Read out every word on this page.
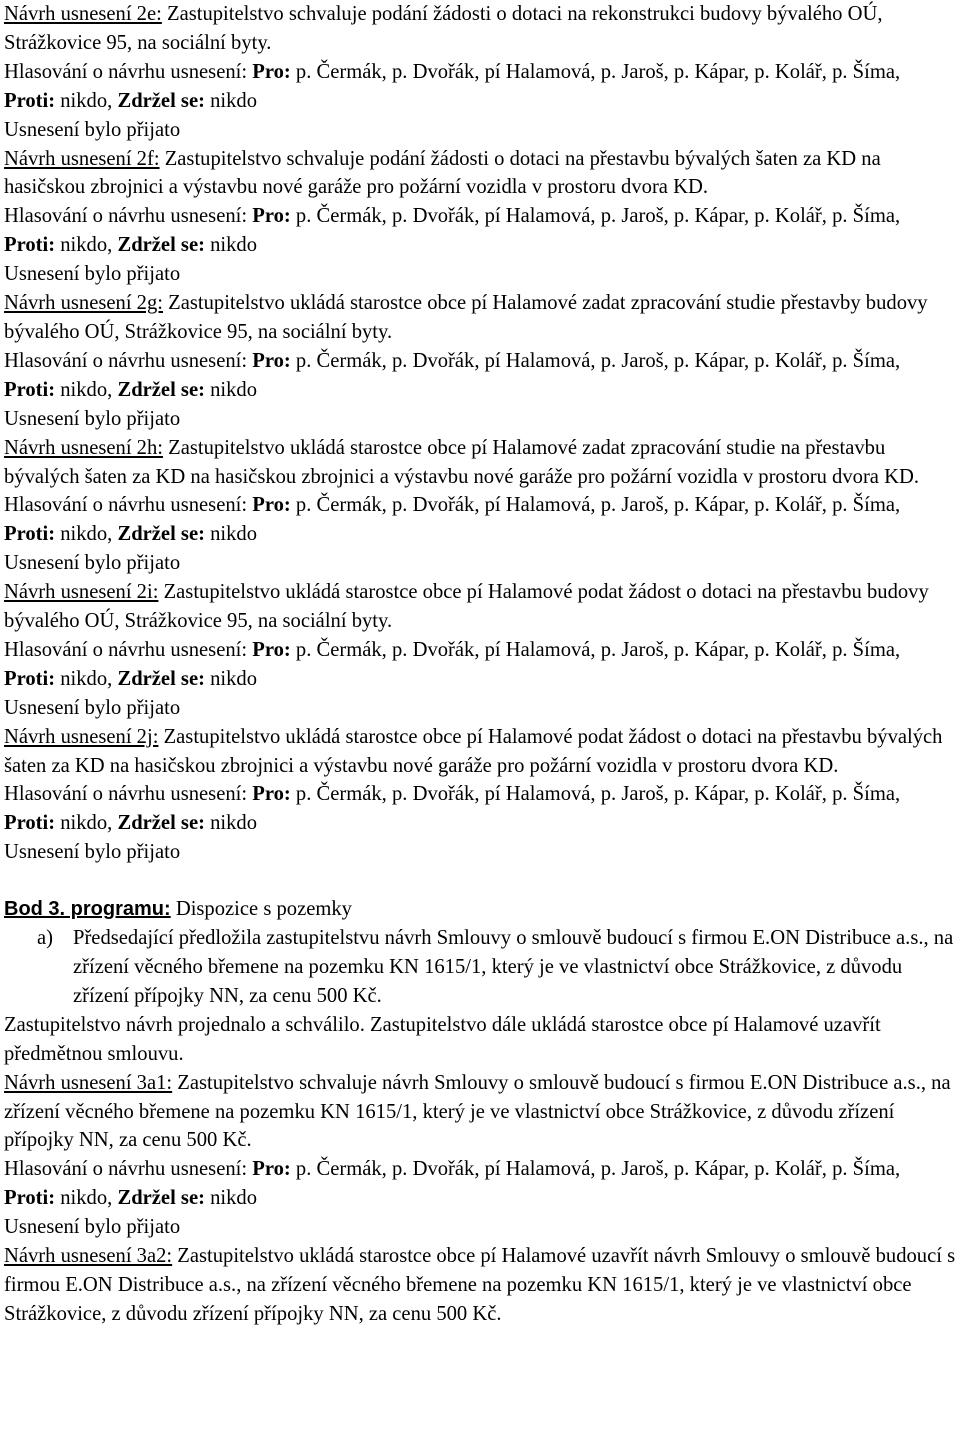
Návrh usnesení 2e: Zastupitelstvo schvaluje podání žádosti o dotaci na rekonstrukci budovy bývalého OÚ, Strážkovice 95, na sociální byty.

Hlasování o návrhu usnesení: Pro: p. Čermák, p. Dvořák, pí Halamová, p. Jaroš, p. Kápar, p. Kolář, p. Šíma, Proti: nikdo, Zdržel se: nikdo

Usnesení bylo přijato

Návrh usnesení 2f: Zastupitelstvo schvaluje podání žádosti o dotaci na přestavbu bývalých šaten za KD na hasičskou zbrojnici a výstavbu nové garáže pro požární vozidla v prostoru dvora KD.

Hlasování o návrhu usnesení: Pro: p. Čermák, p. Dvořák, pí Halamová, p. Jaroš, p. Kápar, p. Kolář, p. Šíma, Proti: nikdo, Zdržel se: nikdo

Usnesení bylo přijato

Návrh usnesení 2g: Zastupitelstvo ukládá starostce obce pí Halamové zadat zpracování studie přestavby budovy bývalého OÚ, Strážkovice 95, na sociální byty.

Hlasování o návrhu usnesení: Pro: p. Čermák, p. Dvořák, pí Halamová, p. Jaroš, p. Kápar, p. Kolář, p. Šíma, Proti: nikdo, Zdržel se: nikdo

Usnesení bylo přijato

Návrh usnesení 2h: Zastupitelstvo ukládá starostce obce pí Halamové zadat zpracování studie na přestavbu bývalých šaten za KD na hasičskou zbrojnici a výstavbu nové garáže pro požární vozidla v prostoru dvora KD.

Hlasování o návrhu usnesení: Pro: p. Čermák, p. Dvořák, pí Halamová, p. Jaroš, p. Kápar, p. Kolář, p. Šíma, Proti: nikdo, Zdržel se: nikdo

Usnesení bylo přijato

Návrh usnesení 2i: Zastupitelstvo ukládá starostce obce pí Halamové podat žádost o dotaci na přestavbu budovy bývalého OÚ, Strážkovice 95, na sociální byty.

Hlasování o návrhu usnesení: Pro: p. Čermák, p. Dvořák, pí Halamová, p. Jaroš, p. Kápar, p. Kolář, p. Šíma, Proti: nikdo, Zdržel se: nikdo

Usnesení bylo přijato

Návrh usnesení 2j: Zastupitelstvo ukládá starostce obce pí Halamové podat žádost o dotaci na přestavbu bývalých šaten za KD na hasičskou zbrojnici a výstavbu nové garáže pro požární vozidla v prostoru dvora KD.

Hlasování o návrhu usnesení: Pro: p. Čermák, p. Dvořák, pí Halamová, p. Jaroš, p. Kápar, p. Kolář, p. Šíma, Proti: nikdo, Zdržel se: nikdo

Usnesení bylo přijato

Bod 3. programu: Dispozice s pozemky

a) Předsedající předložila zastupitelstvu návrh Smlouvy o smlouvě budoucí s firmou E.ON Distribuce a.s., na zřízení věcného břemene na pozemku KN 1615/1, který je ve vlastnictví obce Strážkovice, z důvodu zřízení přípojky NN, za cenu 500 Kč.

Zastupitelstvo návrh projednalo a schválilo. Zastupitelstvo dále ukládá starostce obce pí Halamové uzavřít předmětnou smlouvu.

Návrh usnesení 3a1: Zastupitelstvo schvaluje návrh Smlouvy o smlouvě budoucí s firmou E.ON Distribuce a.s., na zřízení věcného břemene na pozemku KN 1615/1, který je ve vlastnictví obce Strážkovice, z důvodu zřízení přípojky NN, za cenu 500 Kč.

Hlasování o návrhu usnesení: Pro: p. Čermák, p. Dvořák, pí Halamová, p. Jaroš, p. Kápar, p. Kolář, p. Šíma, Proti: nikdo, Zdržel se: nikdo

Usnesení bylo přijato

Návrh usnesení 3a2: Zastupitelstvo ukládá starostce obce pí Halamové uzavřít návrh Smlouvy o smlouvě budoucí s firmou E.ON Distribuce a.s., na zřízení věcného břemene na pozemku KN 1615/1, který je ve vlastnictví obce Strážkovice, z důvodu zřízení přípojky NN, za cenu 500 Kč.
